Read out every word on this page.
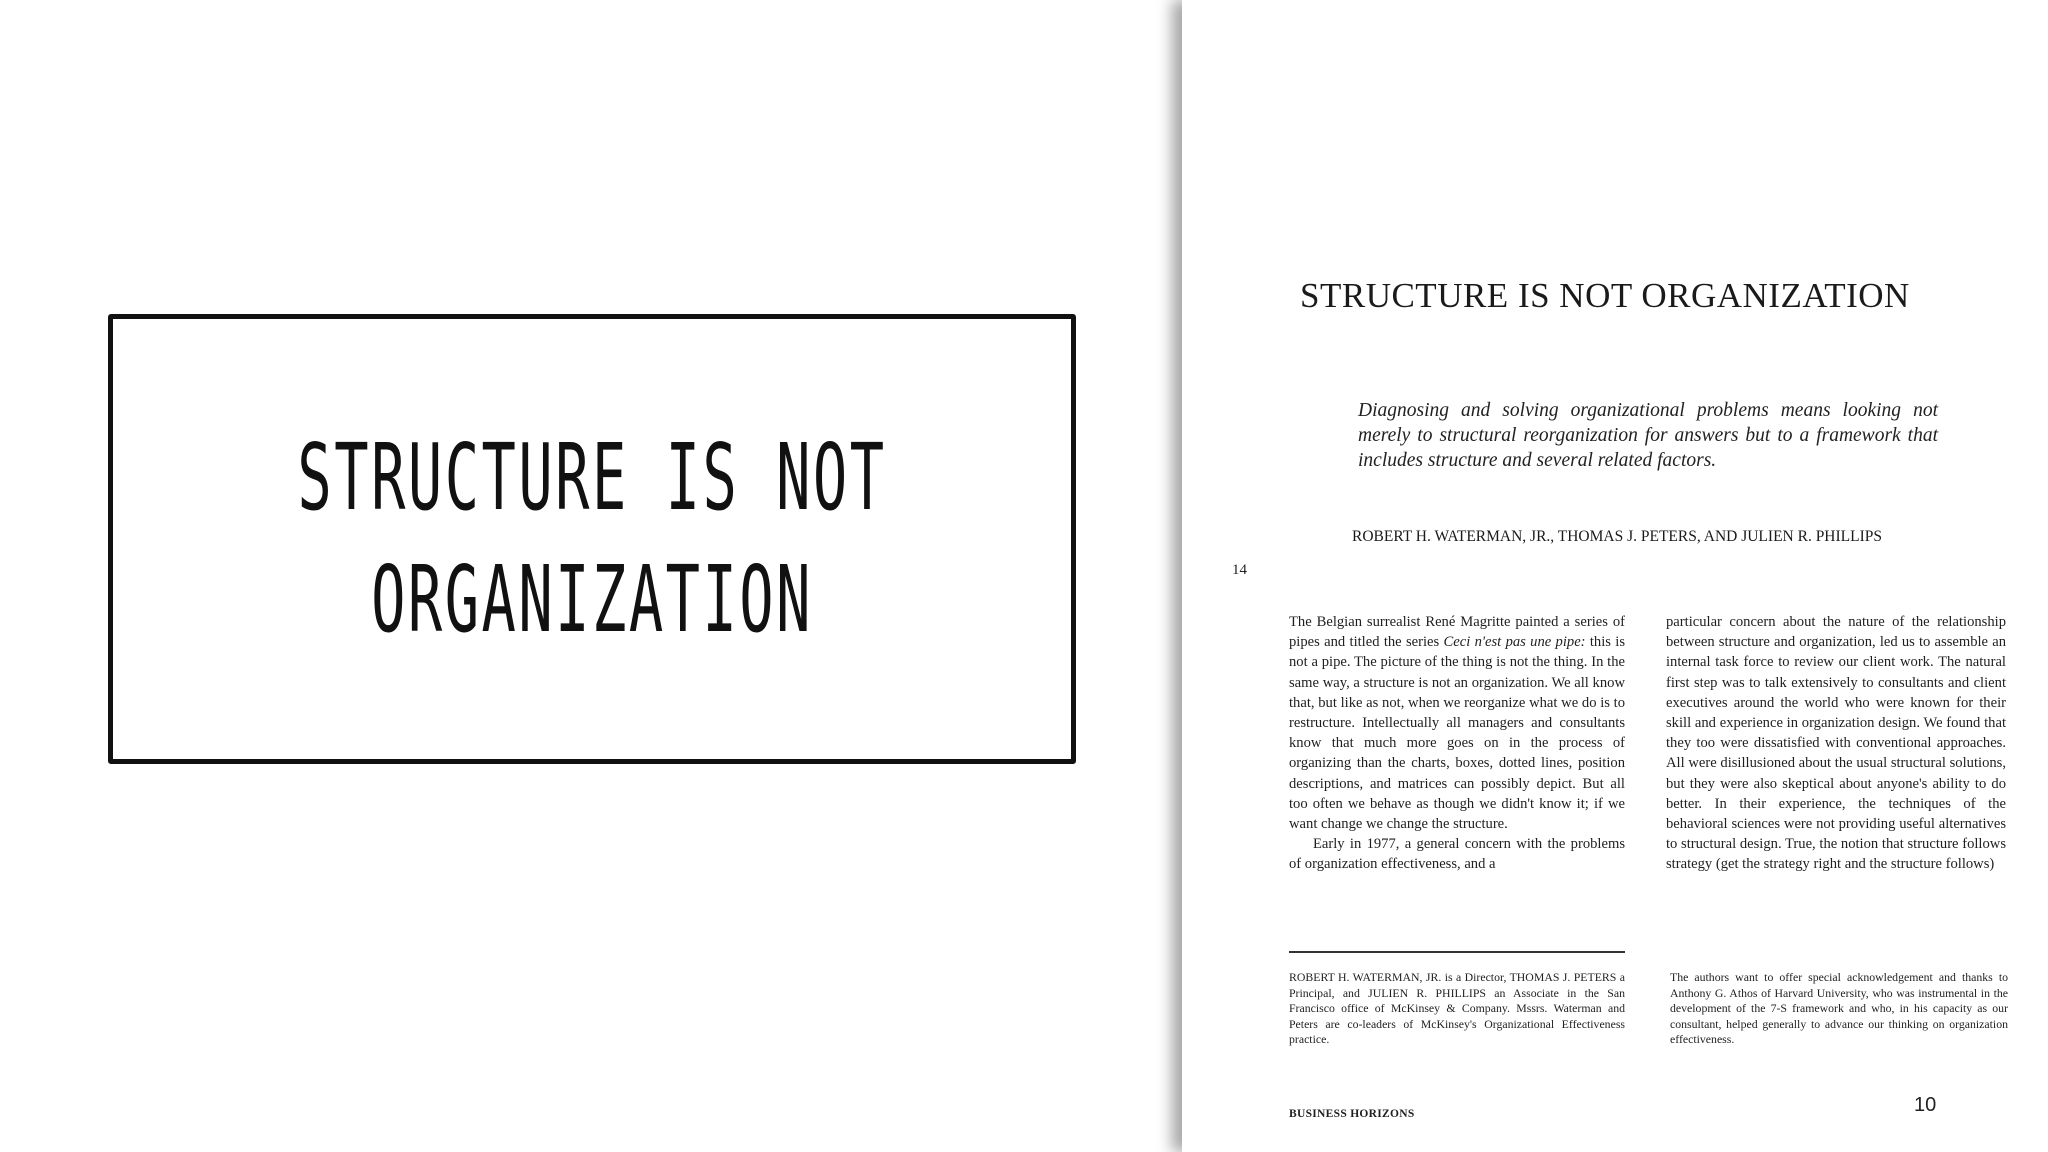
STRUCTURE IS NOT
ORGANIZATION
STRUCTURE IS NOT ORGANIZATION
Diagnosing and solving organizational problems means looking not merely to structural reorganization for answers but to a framework that includes structure and several related factors.
ROBERT H. WATERMAN, JR., THOMAS J. PETERS, AND JULIEN R. PHILLIPS
14

The Belgian surrealist René Magritte painted a series of pipes and titled the series Ceci n'est pas une pipe: this is not a pipe. The picture of the thing is not the thing. In the same way, a structure is not an organization. We all know that, but like as not, when we reorganize what we do is to restructure. Intellectually all managers and consultants know that much more goes on in the process of organizing than the charts, boxes, dotted lines, position descriptions, and matrices can possibly depict. But all too often we behave as though we didn't know it; if we want change we change the structure.

Early in 1977, a general concern with the problems of organization effectiveness, and a

particular concern about the nature of the relationship between structure and organization, led us to assemble an internal task force to review our client work. The natural first step was to talk extensively to consultants and client executives around the world who were known for their skill and experience in organization design. We found that they too were dissatisfied with conventional approaches. All were disillusioned about the usual structural solutions, but they were also skeptical about anyone's ability to do better. In their experience, the techniques of the behavioral sciences were not providing useful alternatives to structural design. True, the notion that structure follows strategy (get the strategy right and the structure follows)

ROBERT H. WATERMAN, JR. is a Director, THOMAS J. PETERS a Principal, and JULIEN R. PHILLIPS an Associate in the San Francisco office of McKinsey & Company. Mssrs. Waterman and Peters are co-leaders of McKinsey's Organizational Effectiveness practice.
The authors want to offer special acknowledgement and thanks to Anthony G. Athos of Harvard University, who was instrumental in the development of the 7-S framework and who, in his capacity as our consultant, helped generally to advance our thinking on organization effectiveness.
BUSINESS HORIZONS	10
